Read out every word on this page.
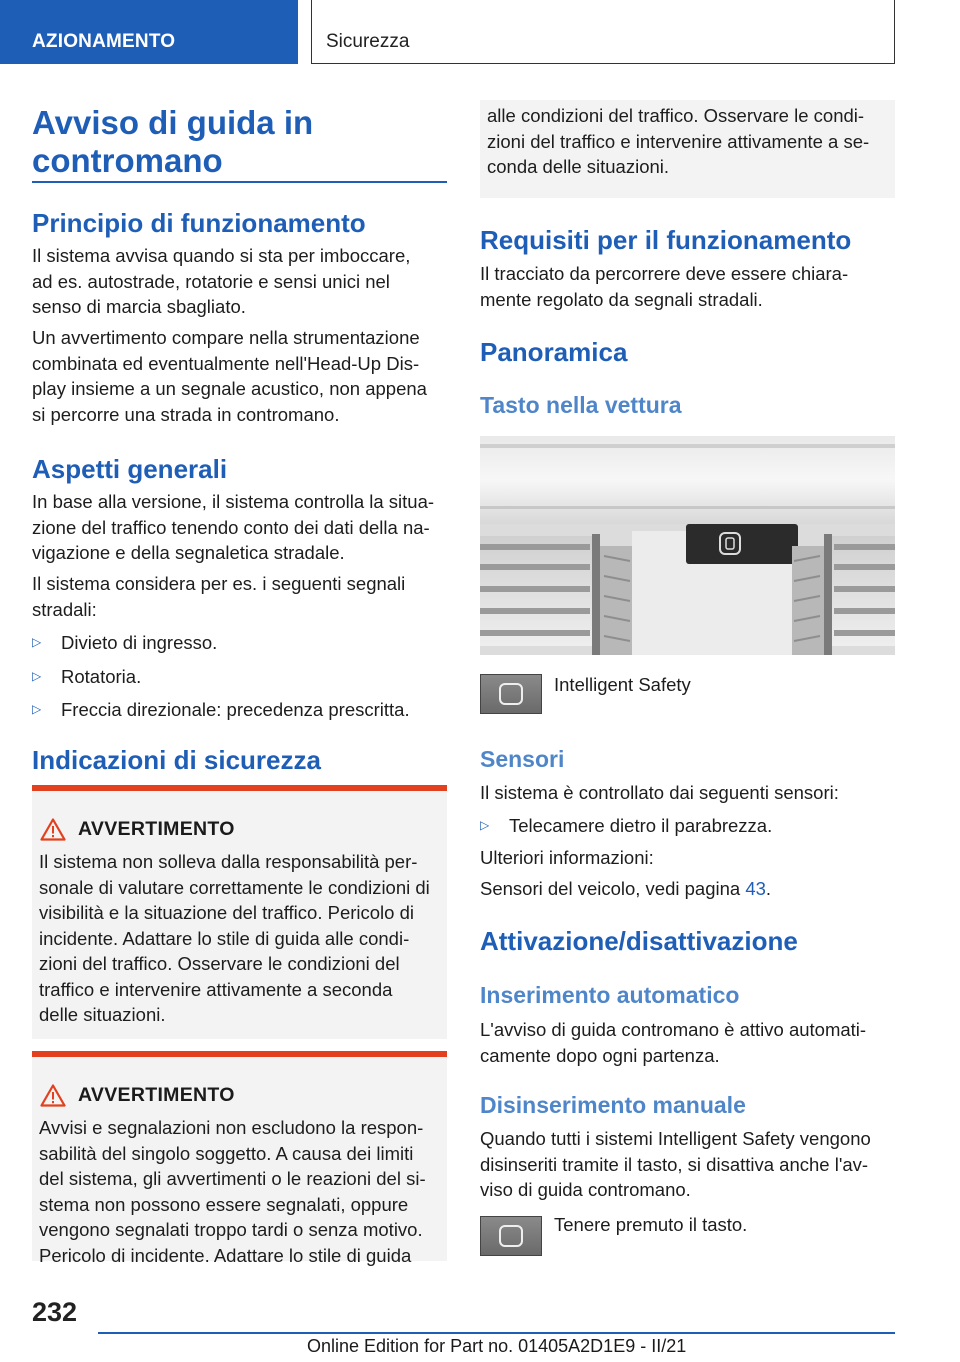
AZIONAMENTO	Sicurezza
Avviso di guida in
contromano
Principio di funzionamento
Il sistema avvisa quando si sta per imboccare,
ad es. autostrade, rotatorie e sensi unici nel
senso di marcia sbagliato.
Un avvertimento compare nella strumentazione
combinata ed eventualmente nell'Head-Up Dis-
play insieme a un segnale acustico, non appena
si percorre una strada in contromano.
Aspetti generali
In base alla versione, il sistema controlla la situa-
zione del traffico tenendo conto dei dati della na-
vigazione e della segnaletica stradale.
Il sistema considera per es. i seguenti segnali
stradali:
▷ Divieto di ingresso.
▷ Rotatoria.
▷ Freccia direzionale: precedenza prescritta.
Indicazioni di sicurezza
AVVERTIMENTO
Il sistema non solleva dalla responsabilità per-
sonale di valutare correttamente le condizioni di
visibilità e la situazione del traffico. Pericolo di
incidente. Adattare lo stile di guida alle condi-
zioni del traffico. Osservare le condizioni del
traffico e intervenire attivamente a seconda
delle situazioni.
AVVERTIMENTO
Avvisi e segnalazioni non escludono la respon-
sabilità del singolo soggetto. A causa dei limiti
del sistema, gli avvertimenti o le reazioni del si-
stema non possono essere segnalati, oppure
vengono segnalati troppo tardi o senza motivo.
Pericolo di incidente. Adattare lo stile di guida
alle condizioni del traffico. Osservare le condi-
zioni del traffico e intervenire attivamente a se-
conda delle situazioni.
Requisiti per il funzionamento
Il tracciato da percorrere deve essere chiara-
mente regolato da segnali stradali.
Panoramica
Tasto nella vettura
Intelligent Safety
Sensori
Il sistema è controllato dai seguenti sensori:
▷ Telecamere dietro il parabrezza.
Ulteriori informazioni:
Sensori del veicolo, vedi pagina 43.
Attivazione/disattivazione
Inserimento automatico
L'avviso di guida contromano è attivo automati-
camente dopo ogni partenza.
Disinserimento manuale
Quando tutti i sistemi Intelligent Safety vengono
disinseriti tramite il tasto, si disattiva anche l'av-
viso di guida contromano.
Tenere premuto il tasto.
232
Online Edition for Part no. 01405A2D1E9 - II/21
